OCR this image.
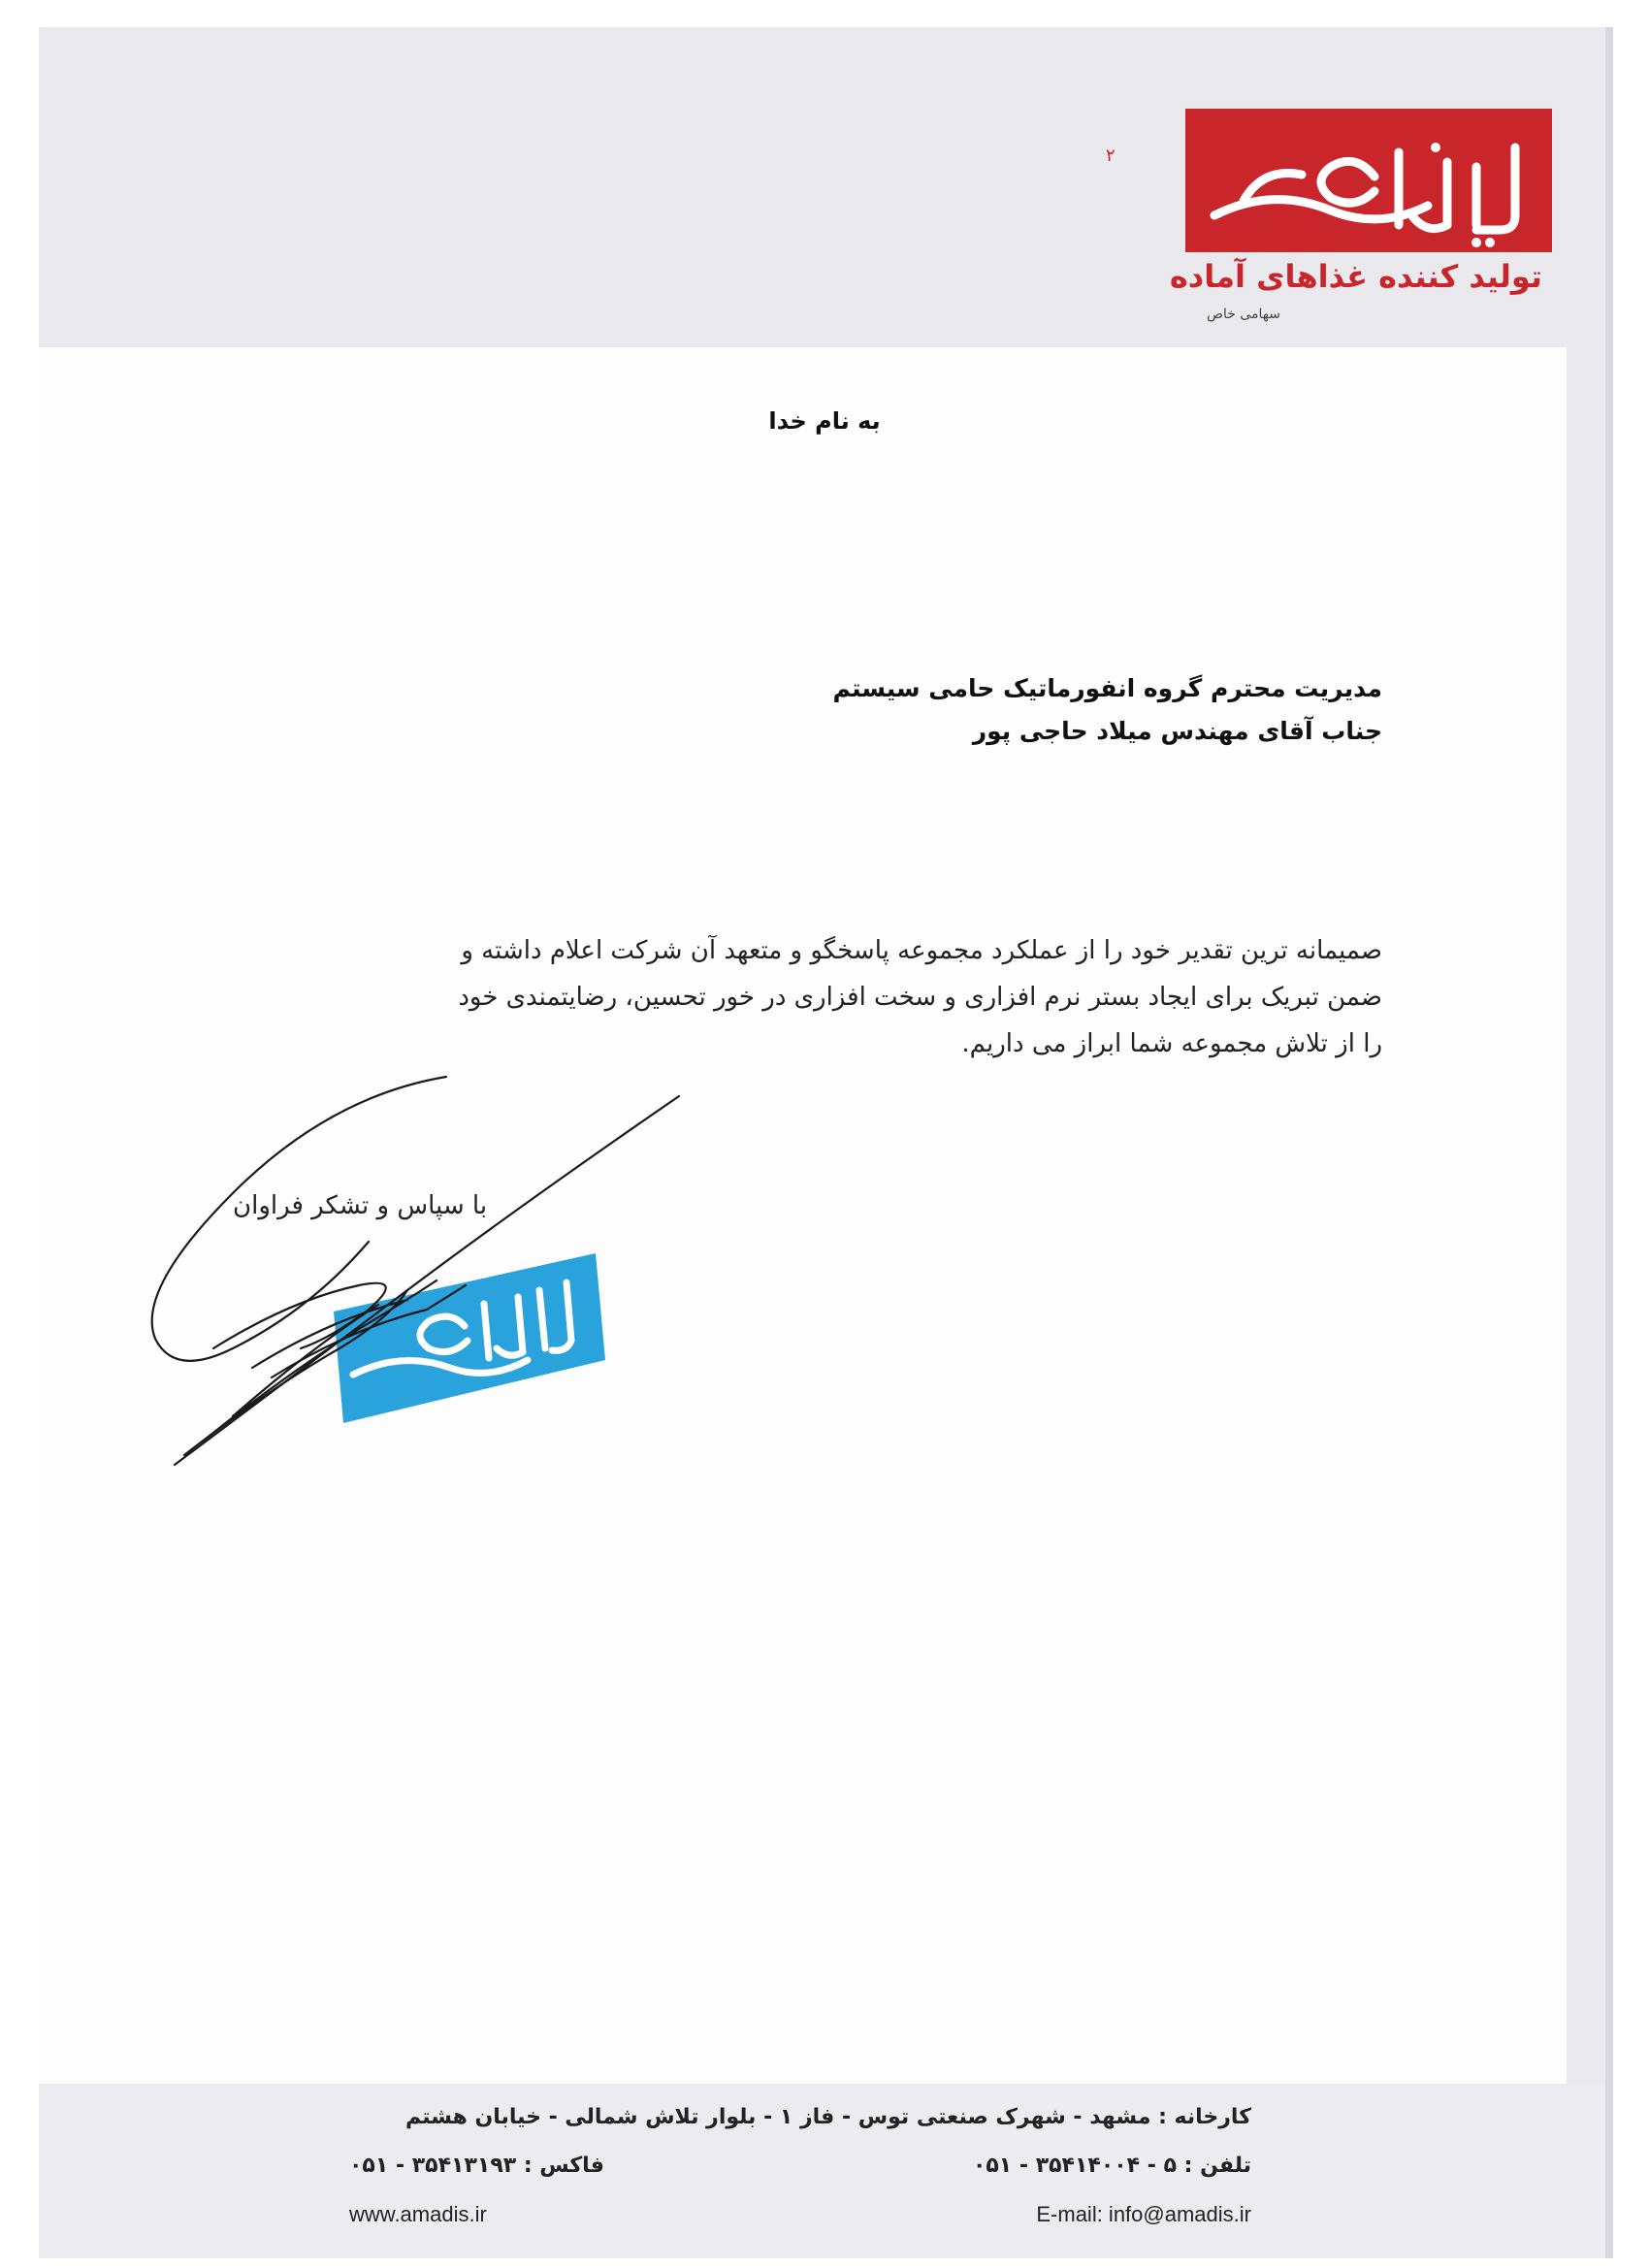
۲
تولید کننده غذاهای آماده
سهامی خاص
به نام خدا
مدیریت محترم گروه انفورماتیک حامی سیستم
جناب آقای مهندس میلاد حاجی پور

صمیمانه ترین تقدیر خود را از عملکرد مجموعه پاسخگو و متعهد آن شرکت اعلام داشته و

ضمن تبریک برای ایجاد بستر نرم افزاری و سخت افزاری در خور تحسین، رضایتمندی خود

را از تلاش مجموعه شما ابراز می داریم.

با سپاس و تشکر فراوان
کارخانه : مشهد - شهرک صنعتی توس - فاز ۱ - بلوار تلاش شمالی - خیابان هشتم
تلفن : ۵ - ۳۵۴۱۴۰۰۴ - ۰۵۱
فاکس : ۳۵۴۱۳۱۹۳ - ۰۵۱
E-mail: info@amadis.ir
www.amadis.ir
